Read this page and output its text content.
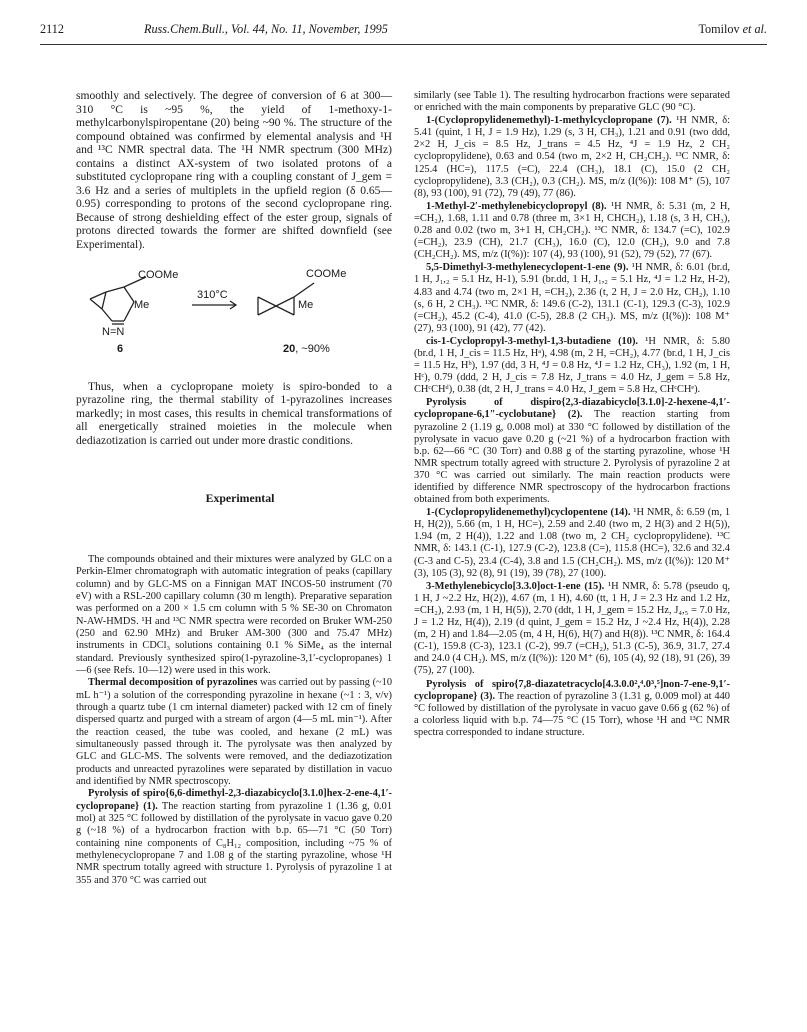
2112	Russ.Chem.Bull., Vol. 44, No. 11, November, 1995	Tomilov et al.

smoothly and selectively. The degree of conversion of 6 at 300—310 °C is ~95 %, the yield of 1-methoxy-1-methylcarbonylspiropentane (20) being ~90 %. The structure of the compound obtained was confirmed by elemental analysis and ¹H and ¹³C NMR spectral data. The ¹H NMR spectrum (300 MHz) contains a distinct AX-system of two isolated protons of a substituted cyclopropane ring with a coupling constant of J_gem = 3.6 Hz and a series of multiplets in the upfield region (δ 0.65—0.95) corresponding to protons of the second cyclopropane ring. Because of strong deshielding effect of the ester group, signals of protons directed towards the former are shifted downfield (see Experimental).

COOMe
Me
N=N
6
310°C
COOMe
Me
20, ~90%

Thus, when a cyclopropane moiety is spiro-bonded to a pyrazoline ring, the thermal stability of 1-pyrazolines increases markedly; in most cases, this results in chemical transformations of all energetically strained moieties in the molecule when dediazotization is carried out under more drastic conditions.

Experimental

The compounds obtained and their mixtures were analyzed by GLC on a Perkin-Elmer chromatograph with automatic integration of peaks (capillary column) and by GLC-MS on a Finnigan MAT INCOS-50 instrument (70 eV) with a RSL-200 capillary column (30 m length). Preparative separation was performed on a 200 × 1.5 cm column with 5 % SE-30 on Chromaton N-AW-HMDS. ¹H and ¹³C NMR spectra were recorded on Bruker WM-250 (250 and 62.90 MHz) and Bruker AM-300 (300 and 75.47 MHz) instruments in CDCl₃ solutions containing 0.1 % SiMe₄ as the internal standard. Previously synthesized spiro(1-pyrazoline-3,1′-cyclopropanes) 1—6 (see Refs. 10—12) were used in this work.

Thermal decomposition of pyrazolines was carried out by passing (~10 mL h⁻¹) a solution of the corresponding pyrazoline in hexane (~1 : 3, v/v) through a quartz tube (1 cm internal diameter) packed with 12 cm of finely dispersed quartz and purged with a stream of argon (4—5 mL min⁻¹). After the reaction ceased, the tube was cooled, and hexane (2 mL) was simultaneously passed through it. The pyrolysate was then analyzed by GLC and GLC-MS. The solvents were removed, and the dediazotization products and unreacted pyrazolines were separated by distillation in vacuo and identified by NMR spectroscopy.

Pyrolysis of spiro{6,6-dimethyl-2,3-diazabicyclo[3.1.0]hex-2-ene-4,1′-cyclopropane} (1). The reaction starting from pyrazoline 1 (1.36 g, 0.01 mol) at 325 °C followed by distillation of the pyrolysate in vacuo gave 0.20 g (~18 %) of a hydrocarbon fraction with b.p. 65—71 °C (50 Torr) containing nine components of C₈H₁₂ composition, including ~75 % of methylenecyclopropane 7 and 1.08 g of the starting pyrazoline, whose ¹H NMR spectrum totally agreed with structure 1. Pyrolysis of pyrazoline 1 at 355 and 370 °C was carried out

similarly (see Table 1). The resulting hydrocarbon fractions were separated or enriched with the main components by preparative GLC (90 °C).

1-(Cyclopropylidenemethyl)-1-methylcyclopropane (7). ¹H NMR, δ: 5.41 (quint, 1 H, J = 1.9 Hz), 1.29 (s, 3 H, CH₃), 1.21 and 0.91 (two ddd, 2×2 H, J_cis = 8.5 Hz, J_trans = 4.5 Hz, ⁴J = 1.9 Hz, 2 CH₂ cyclopropylidene), 0.63 and 0.54 (two m, 2×2 H, CH₂CH₂). ¹³C NMR, δ: 125.4 (HC=), 117.5 (=C), 22.4 (CH₃), 18.1 (C), 15.0 (2 CH₂ cyclopropylidene), 3.3 (CH₂), 0.3 (CH₂). MS, m/z (I(%)): 108 M⁺ (5), 107 (8), 93 (100), 91 (72), 79 (49), 77 (86).

1-Methyl-2′-methylenebicyclopropyl (8). ¹H NMR, δ: 5.31 (m, 2 H, =CH₂), 1.68, 1.11 and 0.78 (three m, 3×1 H, CHCH₂), 1.18 (s, 3 H, CH₃), 0.28 and 0.02 (two m, 3+1 H, CH₂CH₂). ¹³C NMR, δ: 134.7 (=C), 102.9 (=CH₂), 23.9 (CH), 21.7 (CH₃), 16.0 (C), 12.0 (CH₂), 9.0 and 7.8 (CH₂CH₂). MS, m/z (I(%)): 107 (4), 93 (100), 91 (52), 79 (52), 77 (67).

5,5-Dimethyl-3-methylenecyclopent-1-ene (9). ¹H NMR, δ: 6.01 (br.d, 1 H, J₁,₂ = 5.1 Hz, H-1), 5.91 (br.dd, 1 H, J₁,₂ = 5.1 Hz, ⁴J = 1.2 Hz, H-2), 4.83 and 4.74 (two m, 2×1 H, =CH₂), 2.36 (t, 2 H, J = 2.0 Hz, CH₂), 1.10 (s, 6 H, 2 CH₃). ¹³C NMR, δ: 149.6 (C-2), 131.1 (C-1), 129.3 (C-3), 102.9 (=CH₂), 45.2 (C-4), 41.0 (C-5), 28.8 (2 CH₃). MS, m/z (I(%)): 108 M⁺ (27), 93 (100), 91 (42), 77 (42).

cis-1-Cyclopropyl-3-methyl-1,3-butadiene (10). ¹H NMR, δ: 5.80 (br.d, 1 H, J_cis = 11.5 Hz, Hᵃ), 4.98 (m, 2 H, =CH₂), 4.77 (br.d, 1 H, J_cis = 11.5 Hz, Hᵇ), 1.97 (dd, 3 H, ⁴J = 0.8 Hz, ⁴J = 1.2 Hz, CH₃), 1.92 (m, 1 H, Hᶜ), 0.79 (ddd, 2 H, J_cis = 7.8 Hz, J_trans = 4.0 Hz, J_gem = 5.8 Hz, CHᶜCHᵈ), 0.38 (dt, 2 H, J_trans = 4.0 Hz, J_gem = 5.8 Hz, CHᶜCHᵉ).

Pyrolysis of dispiro{2,3-diazabicyclo[3.1.0]-2-hexene-4,1′-cyclopropane-6,1″-cyclobutane} (2). The reaction starting from pyrazoline 2 (1.19 g, 0.008 mol) at 330 °C followed by distillation of the pyrolysate in vacuo gave 0.20 g (~21 %) of a hydrocarbon fraction with b.p. 62—66 °C (30 Torr) and 0.88 g of the starting pyrazoline, whose ¹H NMR spectrum totally agreed with structure 2. Pyrolysis of pyrazoline 2 at 370 °C was carried out similarly. The main reaction products were identified by difference NMR spectroscopy of the hydrocarbon fractions obtained from both experiments.

1-(Cyclopropylidenemethyl)cyclopentene (14). ¹H NMR, δ: 6.59 (m, 1 H, H(2)), 5.66 (m, 1 H, HC=), 2.59 and 2.40 (two m, 2 H(3) and 2 H(5)), 1.94 (m, 2 H(4)), 1.22 and 1.08 (two m, 2 CH₂ cyclopropylidene). ¹³C NMR, δ: 143.1 (C-1), 127.9 (C-2), 123.8 (C=), 115.8 (HC=), 32.6 and 32.4 (C-3 and C-5), 23.4 (C-4), 3.8 and 1.5 (CH₂CH₂). MS, m/z (I(%)): 120 M⁺ (3), 105 (3), 92 (8), 91 (19), 39 (78), 27 (100).

3-Methylenebicyclo[3.3.0]oct-1-ene (15). ¹H NMR, δ: 5.78 (pseudo q, 1 H, J ~2.2 Hz, H(2)), 4.67 (m, 1 H), 4.60 (tt, 1 H, J = 2.3 Hz and 1.2 Hz, =CH₂), 2.93 (m, 1 H, H(5)), 2.70 (ddt, 1 H, J_gem = 15.2 Hz, J₄,₅ = 7.0 Hz, J = 1.2 Hz, H(4)), 2.19 (d quint, J_gem = 15.2 Hz, J ~2.4 Hz, H(4)), 2.28 (m, 2 H) and 1.84—2.05 (m, 4 H, H(6), H(7) and H(8)). ¹³C NMR, δ: 164.4 (C-1), 159.8 (C-3), 123.1 (C-2), 99.7 (=CH₂), 51.3 (C-5), 36.9, 31.7, 27.4 and 24.0 (4 CH₂). MS, m/z (I(%)): 120 M⁺ (6), 105 (4), 92 (18), 91 (26), 39 (75), 27 (100).

Pyrolysis of spiro{7,8-diazatetracyclo[4.3.0.0²,⁴.0³,⁵]non-7-ene-9,1′-cyclopropane} (3). The reaction of pyrazoline 3 (1.31 g, 0.009 mol) at 440 °C followed by distillation of the pyrolysate in vacuo gave 0.66 g (62 %) of a colorless liquid with b.p. 74—75 °C (15 Torr), whose ¹H and ¹³C NMR spectra corresponded to indane structure.
